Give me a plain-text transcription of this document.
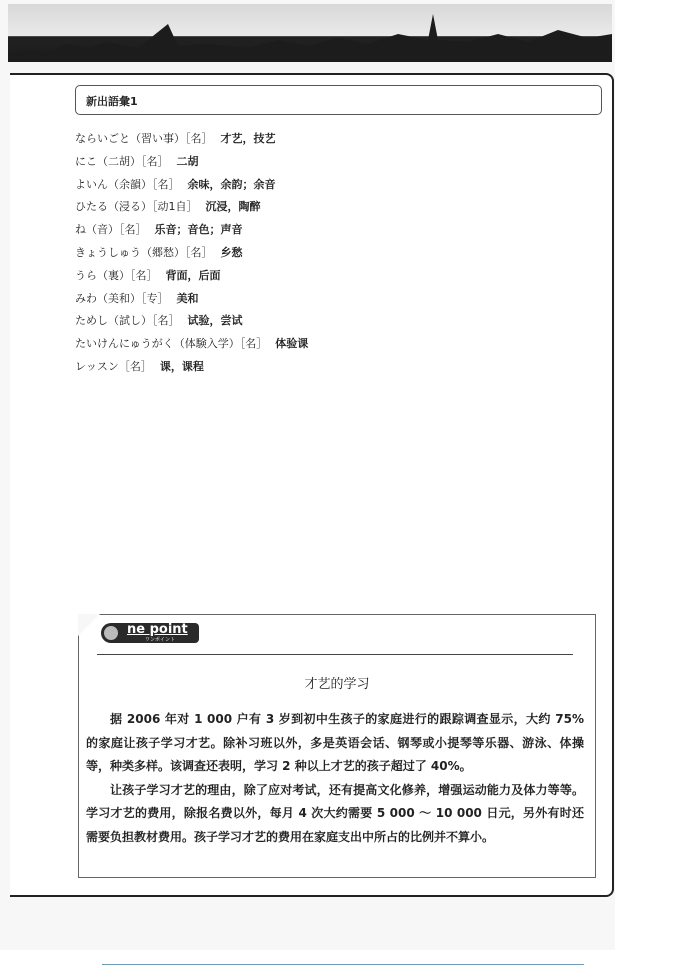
新出語彙1
ならいごと（習い事）［名］ 才艺，技艺
にこ（二胡）［名］ 二胡
よいん（余韻）［名］ 余味，余韵；余音
ひたる（浸る）［动1自］ 沉浸，陶醉
ね（音）［名］ 乐音；音色；声音
きょうしゅう（郷愁）［名］ 乡愁
うら（裏）［名］ 背面，后面
みわ（美和）［专］ 美和
ためし（試し）［名］ 试验，尝试
たいけんにゅうがく（体験入学）［名］ 体验课
レッスン［名］ 课，课程
ne point
ワンポイント
才艺的学习

据 2006 年对 1 000 户有 3 岁到初中生孩子的家庭进行的跟踪调查显示，大约 75% 的家庭让孩子学习才艺。除补习班以外，多是英语会话、钢琴或小提琴等乐器、游泳、体操等，种类多样。该调查还表明，学习 2 种以上才艺的孩子超过了 40%。

让孩子学习才艺的理由，除了应对考试，还有提高文化修养，增强运动能力及体力等等。学习才艺的费用，除报名费以外，每月 4 次大约需要 5 000 ～ 10 000 日元，另外有时还需要负担教材费用。孩子学习才艺的费用在家庭支出中所占的比例并不算小。
